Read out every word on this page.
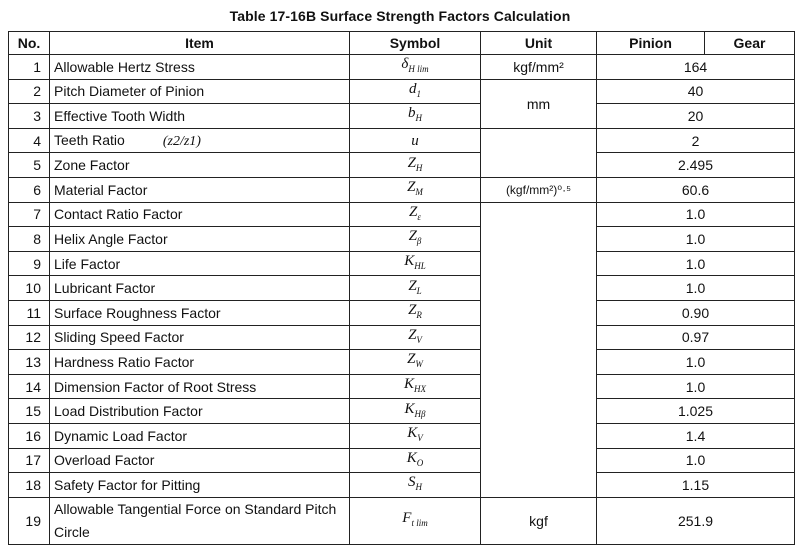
Table 17-16B Surface Strength Factors Calculation
No.	Item	Symbol	Unit	Pinion	Gear
1	Allowable Hertz Stress	$\delta_{H lim}$	kgf/mm²	164	
2	Pitch Diameter of Pinion	$d_1$	mm	40	
3	Effective Tooth Width	$b_H$		20	
4	Teeth Ratio (z2/z1)	u		2	
5	Zone Factor	$Z_H$		2.495	
6	Material Factor	$Z_M$	(kgf/mm²)⁰·⁵	60.6	
7	Contact Ratio Factor	$Z_\varepsilon$		1.0	
8	Helix Angle Factor	$Z_\beta$		1.0	
9	Life Factor	$K_{HL}$		1.0	
10	Lubricant Factor	$Z_L$		1.0	
11	Surface Roughness Factor	$Z_R$		0.90	
12	Sliding Speed Factor	$Z_V$		0.97	
13	Hardness Ratio Factor	$Z_W$		1.0	
14	Dimension Factor of Root Stress	$K_{HX}$		1.0	
15	Load Distribution Factor	$K_{H\beta}$		1.025	
16	Dynamic Load Factor	$K_V$		1.4	
17	Overload Factor	$K_O$		1.0	
18	Safety Factor for Pitting	$S_H$		1.15	
19	Allowable Tangential Force on Standard Pitch Circle	$F_{t lim}$	kgf	251.9	
